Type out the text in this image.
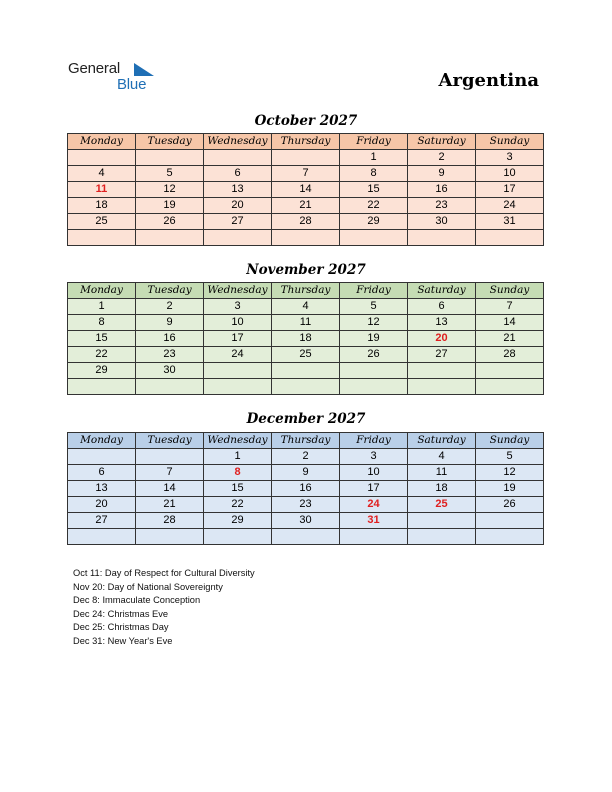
General
Blue	Argentina
October 2027
Monday	Tuesday	Wednesday	Thursday	Friday	Saturday	Sunday
				1	2	3
4	5	6	7	8	9	10
11	12	13	14	15	16	17
18	19	20	21	22	23	24
25	26	27	28	29	30	31

November 2027
Monday	Tuesday	Wednesday	Thursday	Friday	Saturday	Sunday
1	2	3	4	5	6	7
8	9	10	11	12	13	14
15	16	17	18	19	20	21
22	23	24	25	26	27	28
29	30					

December 2027
Monday	Tuesday	Wednesday	Thursday	Friday	Saturday	Sunday
		1	2	3	4	5
6	7	8	9	10	11	12
13	14	15	16	17	18	19
20	21	22	23	24	25	26
27	28	29	30	31		

Oct 11: Day of Respect for Cultural Diversity
Nov 20: Day of National Sovereignty
Dec 8: Immaculate Conception
Dec 24: Christmas Eve
Dec 25: Christmas Day
Dec 31: New Year's Eve
